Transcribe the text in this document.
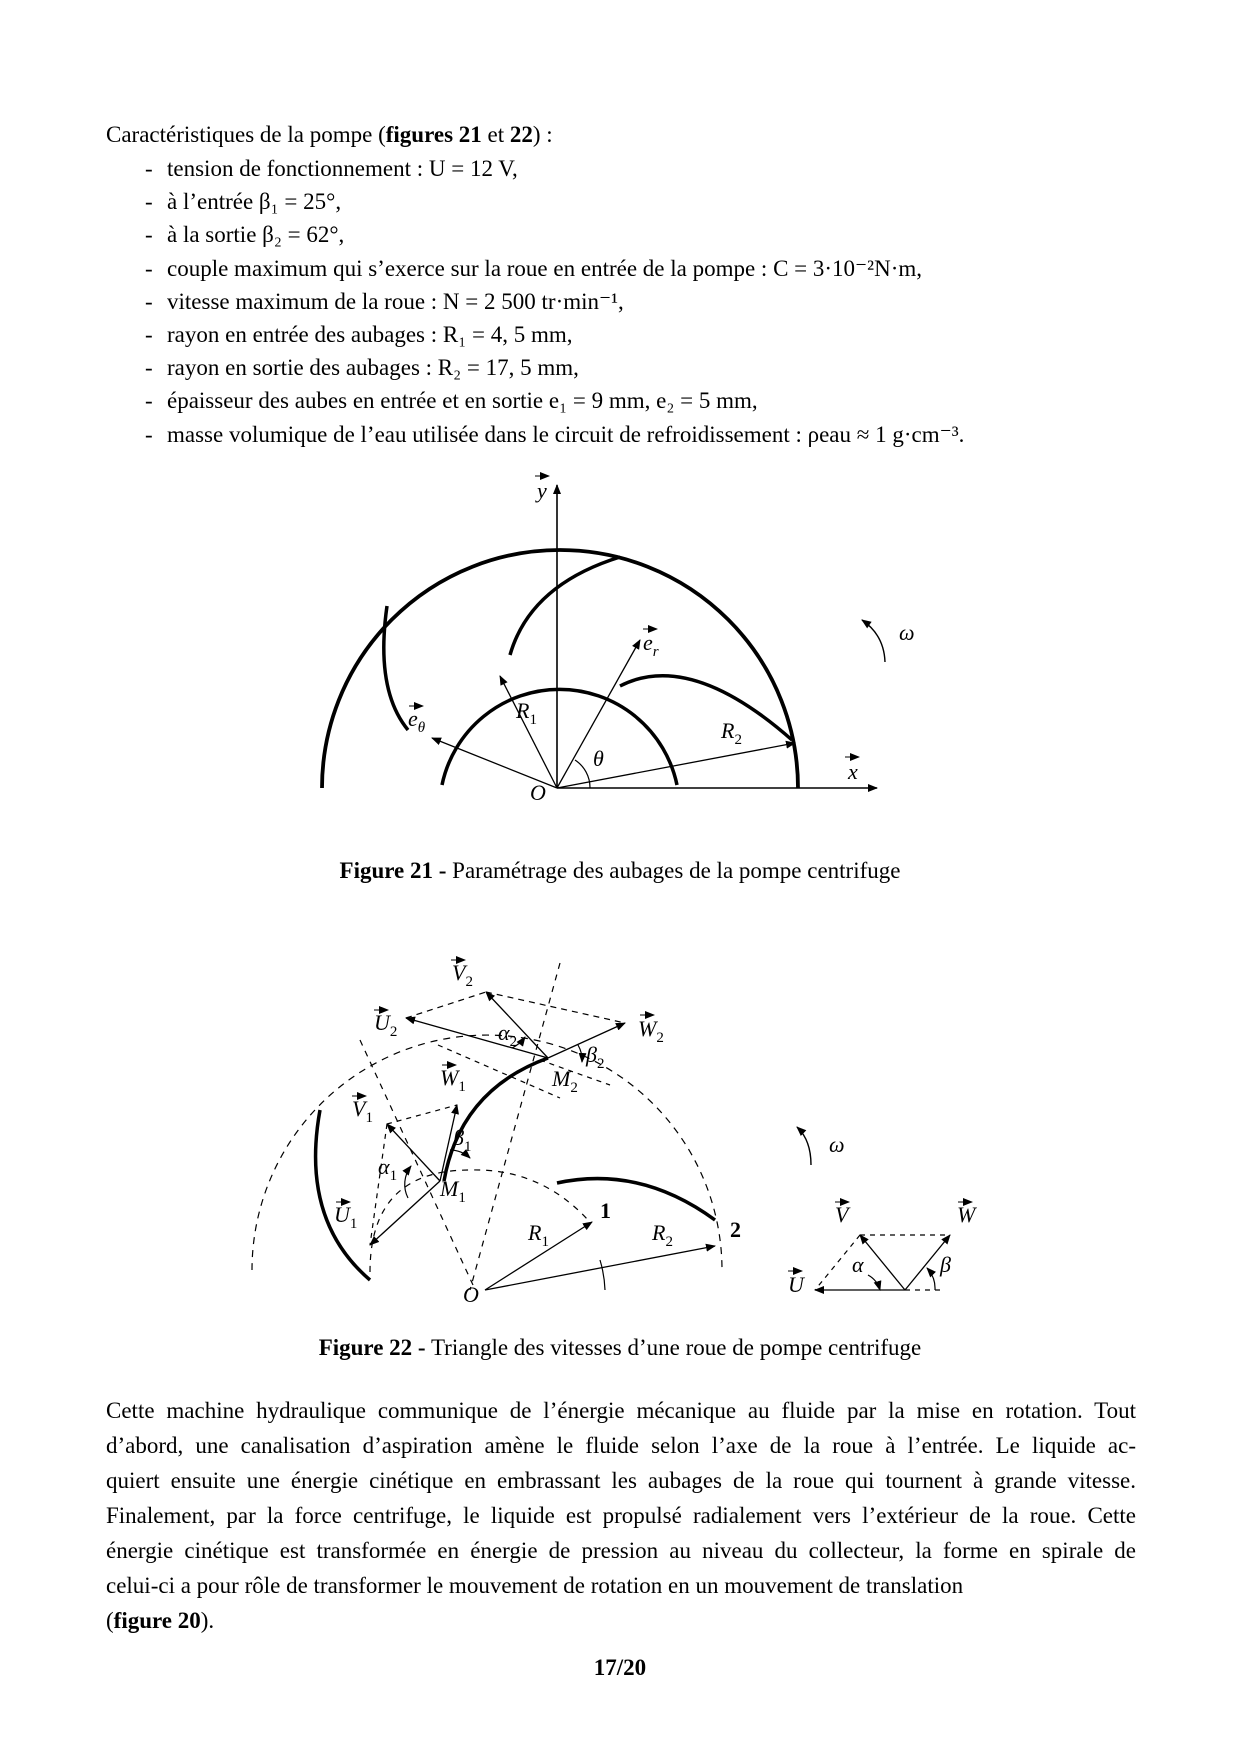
Caractéristiques de la pompe (figures 21 et 22) :
- tension de fonctionnement : U = 12 V,
- à l’entrée β₁ = 25°,
- à la sortie β₂ = 62°,
- couple maximum qui s’exerce sur la roue en entrée de la pompe : C = 3·10⁻²N·m,
- vitesse maximum de la roue : N = 2 500 tr·min⁻¹,
- rayon en entrée des aubages : R₁ = 4, 5 mm,
- rayon en sortie des aubages : R₂ = 17, 5 mm,
- épaisseur des aubes en entrée et en sortie e₁ = 9 mm, e₂ = 5 mm,
- masse volumique de l’eau utilisée dans le circuit de refroidissement : ρeau ≈ 1 g·cm⁻³.
y
x
O
$e_r$
$e_\theta$
$R_1$	$R_2$
θ
ω
$V_2$
$U_2$	$W_2$
$\alpha_2$	$\beta_2$
$M_2$
$W_1$
$V_1$
$\beta_1$
$\alpha_1$ $M_1$
$U_1$	$R_1$	$R_2$
1
2
O
ω
V	W
U
α	β
Figure 21 - Paramétrage des aubages de la pompe centrifuge
Figure 22 - Triangle des vitesses d’une roue de pompe centrifuge
Cette machine hydraulique communique de l’énergie mécanique au fluide par la mise en rotation. Tout
d’abord, une canalisation d’aspiration amène le fluide selon l’axe de la roue à l’entrée. Le liquide ac-
quiert ensuite une énergie cinétique en embrassant les aubages de la roue qui tournent à grande vitesse.
Finalement, par la force centrifuge, le liquide est propulsé radialement vers l’extérieur de la roue. Cette
énergie cinétique est transformée en énergie de pression au niveau du collecteur, la forme en spirale de
celui-ci a pour rôle de transformer le mouvement de rotation en un mouvement de translation
(figure 20).
17/20
